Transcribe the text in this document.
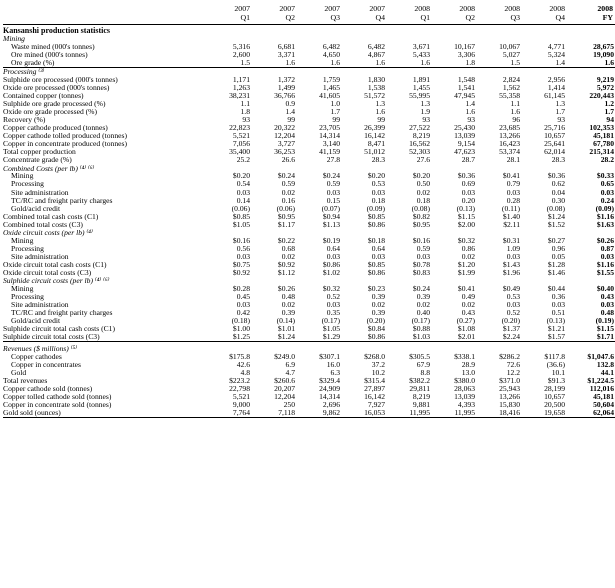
	2007	2007	2007	2007	2008	2008	2008	2008	2008
	Q1	Q2	Q3	Q4	Q1	Q2	Q3	Q4	FY
Kansanshi production statistics									
Mining									
Waste mined (000's tonnes)	5,316	6,681	6,482	6,482	3,671	10,167	10,067	4,771	28,675
Ore mined (000's tonnes)	2,600	3,371	4,650	4,867	5,433	3,306	5,027	5,324	19,090
Ore grade (%)	1.5	1.6	1.6	1.6	1.6	1.8	1.5	1.4	1.6
Processing ⁽³⁾									
Sulphide ore processed (000's tonnes)	1,171	1,372	1,759	1,830	1,891	1,548	2,824	2,956	9,219
Oxide ore processed (000's tonnes)	1,263	1,499	1,465	1,538	1,455	1,541	1,562	1,414	5,972
Contained copper (tonnes)	38,231	36,766	41,605	51,572	55,995	47,945	55,358	61,145	220,443
Sulphide ore grade processed (%)	1.1	0.9	1.0	1.3	1.3	1.4	1.1	1.3	1.2
Oxide ore grade processed (%)	1.8	1.4	1.7	1.6	1.9	1.6	1.6	1.7	1.7
Recovery (%)	93	99	99	99	93	93	96	93	94
Copper cathode produced (tonnes)	22,823	20,322	23,705	26,399	27,522	25,430	23,685	25,716	102,353
Copper cathode tolled produced (tonnes)	5,521	12,204	14,314	16,142	8,219	13,039	13,266	10,657	45,181
Copper in concentrate produced (tonnes)	7,056	3,727	3,140	8,471	16,562	9,154	16,423	25,641	67,780
Total copper production	35,400	36,253	41,159	51,012	52,303	47,623	53,374	62,014	215,314
Concentrate grade (%)	25.2	26.6	27.8	28.3	27.6	28.7	28.1	28.3	28.2
Combined Costs (per lb) ⁽⁴⁾ ⁽⁶⁾									
Mining	$0.20	$0.24	$0.24	$0.20	$0.20	$0.36	$0.41	$0.36	$0.33
Processing	0.54	0.59	0.59	0.53	0.50	0.69	0.79	0.62	0.65
Site administration	0.03	0.02	0.03	0.03	0.02	0.03	0.03	0.04	0.03
TC/RC and freight parity charges	0.14	0.16	0.15	0.18	0.18	0.20	0.28	0.30	0.24
Gold/acid credit	(0.06)	(0.06)	(0.07)	(0.09)	(0.08)	(0.13)	(0.11)	(0.08)	(0.09)
Combined total cash costs (C1)	$0.85	$0.95	$0.94	$0.85	$0.82	$1.15	$1.40	$1.24	$1.16
Combined total costs (C3)	$1.05	$1.17	$1.13	$0.86	$0.95	$2.00	$2.11	$1.52	$1.63
Oxide circuit costs (per lb) ⁽⁴⁾									
Mining	$0.16	$0.22	$0.19	$0.18	$0.16	$0.32	$0.31	$0.27	$0.26
Processing	0.56	0.68	0.64	0.64	0.59	0.86	1.09	0.96	0.87
Site administration	0.03	0.02	0.03	0.03	0.03	0.02	0.03	0.05	0.03
Oxide circuit total cash costs (C1)	$0.75	$0.92	$0.86	$0.85	$0.78	$1.20	$1.43	$1.28	$1.16
Oxide circuit total costs (C3)	$0.92	$1.12	$1.02	$0.86	$0.83	$1.99	$1.96	$1.46	$1.55
Sulphide circuit costs (per lb) ⁽⁴⁾ ⁽⁶⁾									
Mining	$0.28	$0.26	$0.32	$0.23	$0.24	$0.41	$0.49	$0.44	$0.40
Processing	0.45	0.48	0.52	0.39	0.39	0.49	0.53	0.36	0.43
Site administration	0.03	0.02	0.03	0.02	0.02	0.02	0.03	0.03	0.03
TC/RC and freight parity charges	0.42	0.39	0.35	0.39	0.40	0.43	0.52	0.51	0.48
Gold/acid credit	(0.18)	(0.14)	(0.17)	(0.20)	(0.17)	(0.27)	(0.20)	(0.13)	(0.19)
Sulphide circuit total cash costs (C1)	$1.00	$1.01	$1.05	$0.84	$0.88	$1.08	$1.37	$1.21	$1.15
Sulphide circuit total costs (C3)	$1.25	$1.24	$1.29	$0.86	$1.03	$2.01	$2.24	$1.57	$1.71

Revenues ($ millions) ⁽⁵⁾									
Copper cathodes	$175.8	$249.0	$307.1	$268.0	$305.5	$338.1	$286.2	$117.8	$1,047.6
Copper in concentrates	42.6	6.9	16.0	37.2	67.9	28.9	72.6	(36.6)	132.8
Gold	4.8	4.7	6.3	10.2	8.8	13.0	12.2	10.1	44.1
Total revenues	$223.2	$260.6	$329.4	$315.4	$382.2	$380.0	$371.0	$91.3	$1,224.5
Copper cathode sold (tonnes)	22,798	20,207	24,909	27,897	29,811	28,063	25,943	28,199	112,016
Copper tolled cathode sold (tonnes)	5,521	12,204	14,314	16,142	8,219	13,039	13,266	10,657	45,181
Copper in concentrate sold (tonnes)	9,000	250	2,696	7,927	9,881	4,393	15,830	20,500	50,604
Gold sold (ounces)	7,764	7,118	9,862	16,053	11,995	11,995	18,416	19,658	62,064
